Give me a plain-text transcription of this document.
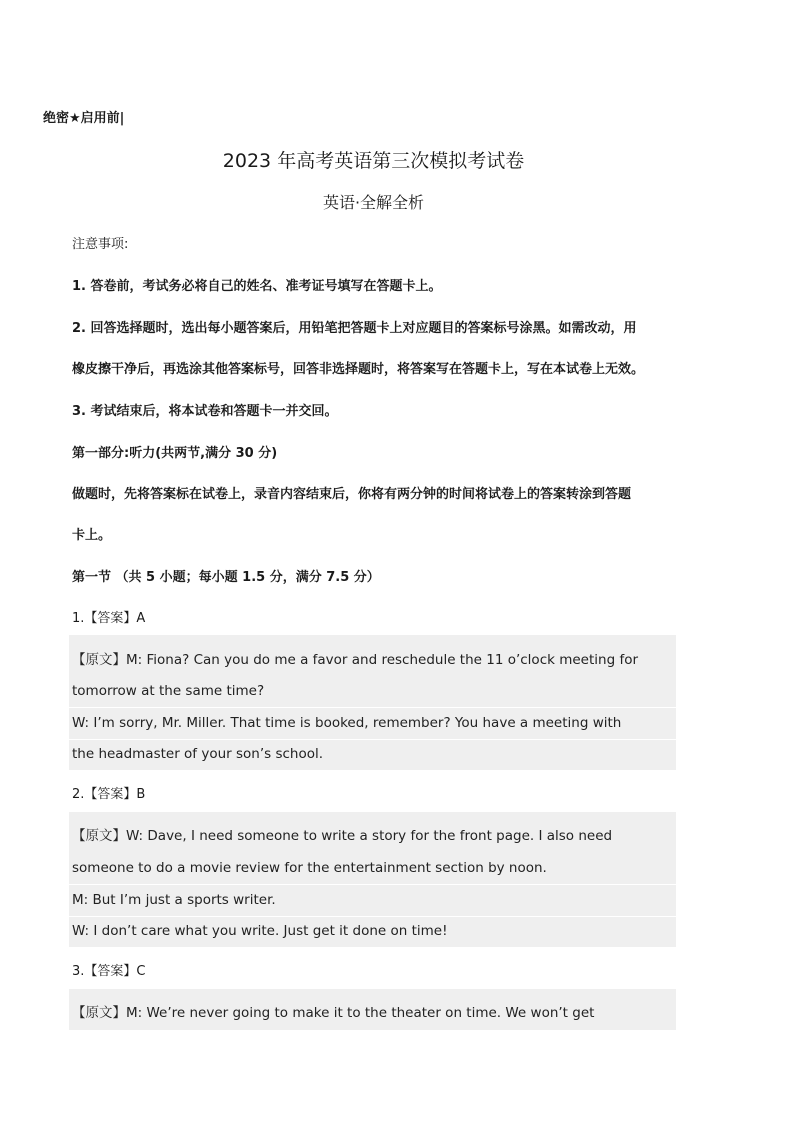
绝密★启用前|
2023 年高考英语第三次模拟考试卷
英语·全解全析
注意事项:
1. 答卷前，考试务必将自己的姓名、准考证号填写在答题卡上。
2. 回答选择题时，选出每小题答案后，用铅笔把答题卡上对应题目的答案标号涂黑。如需改动，用
橡皮擦干净后，再选涂其他答案标号，回答非选择题时，将答案写在答题卡上，写在本试卷上无效。
3. 考试结束后，将本试卷和答题卡一并交回。
第一部分:听力(共两节,满分 30 分)
做题时，先将答案标在试卷上，录音内容结束后，你将有两分钟的时间将试卷上的答案转涂到答题
卡上。
第一节 （共 5 小题；每小题 1.5 分，满分 7.5 分）
1.【答案】A
【原文】M: Fiona? Can you do me a favor and reschedule the 11 o’clock meeting for
tomorrow at the same time?
W: I’m sorry, Mr. Miller. That time is booked, remember? You have a meeting with
the headmaster of your son’s school.
2.【答案】B
【原文】W: Dave, I need someone to write a story for the front page. I also need
someone to do a movie review for the entertainment section by noon.
M: But I’m just a sports writer.
W: I don’t care what you write. Just get it done on time!
3.【答案】C
【原文】M: We’re never going to make it to the theater on time. We won’t get
